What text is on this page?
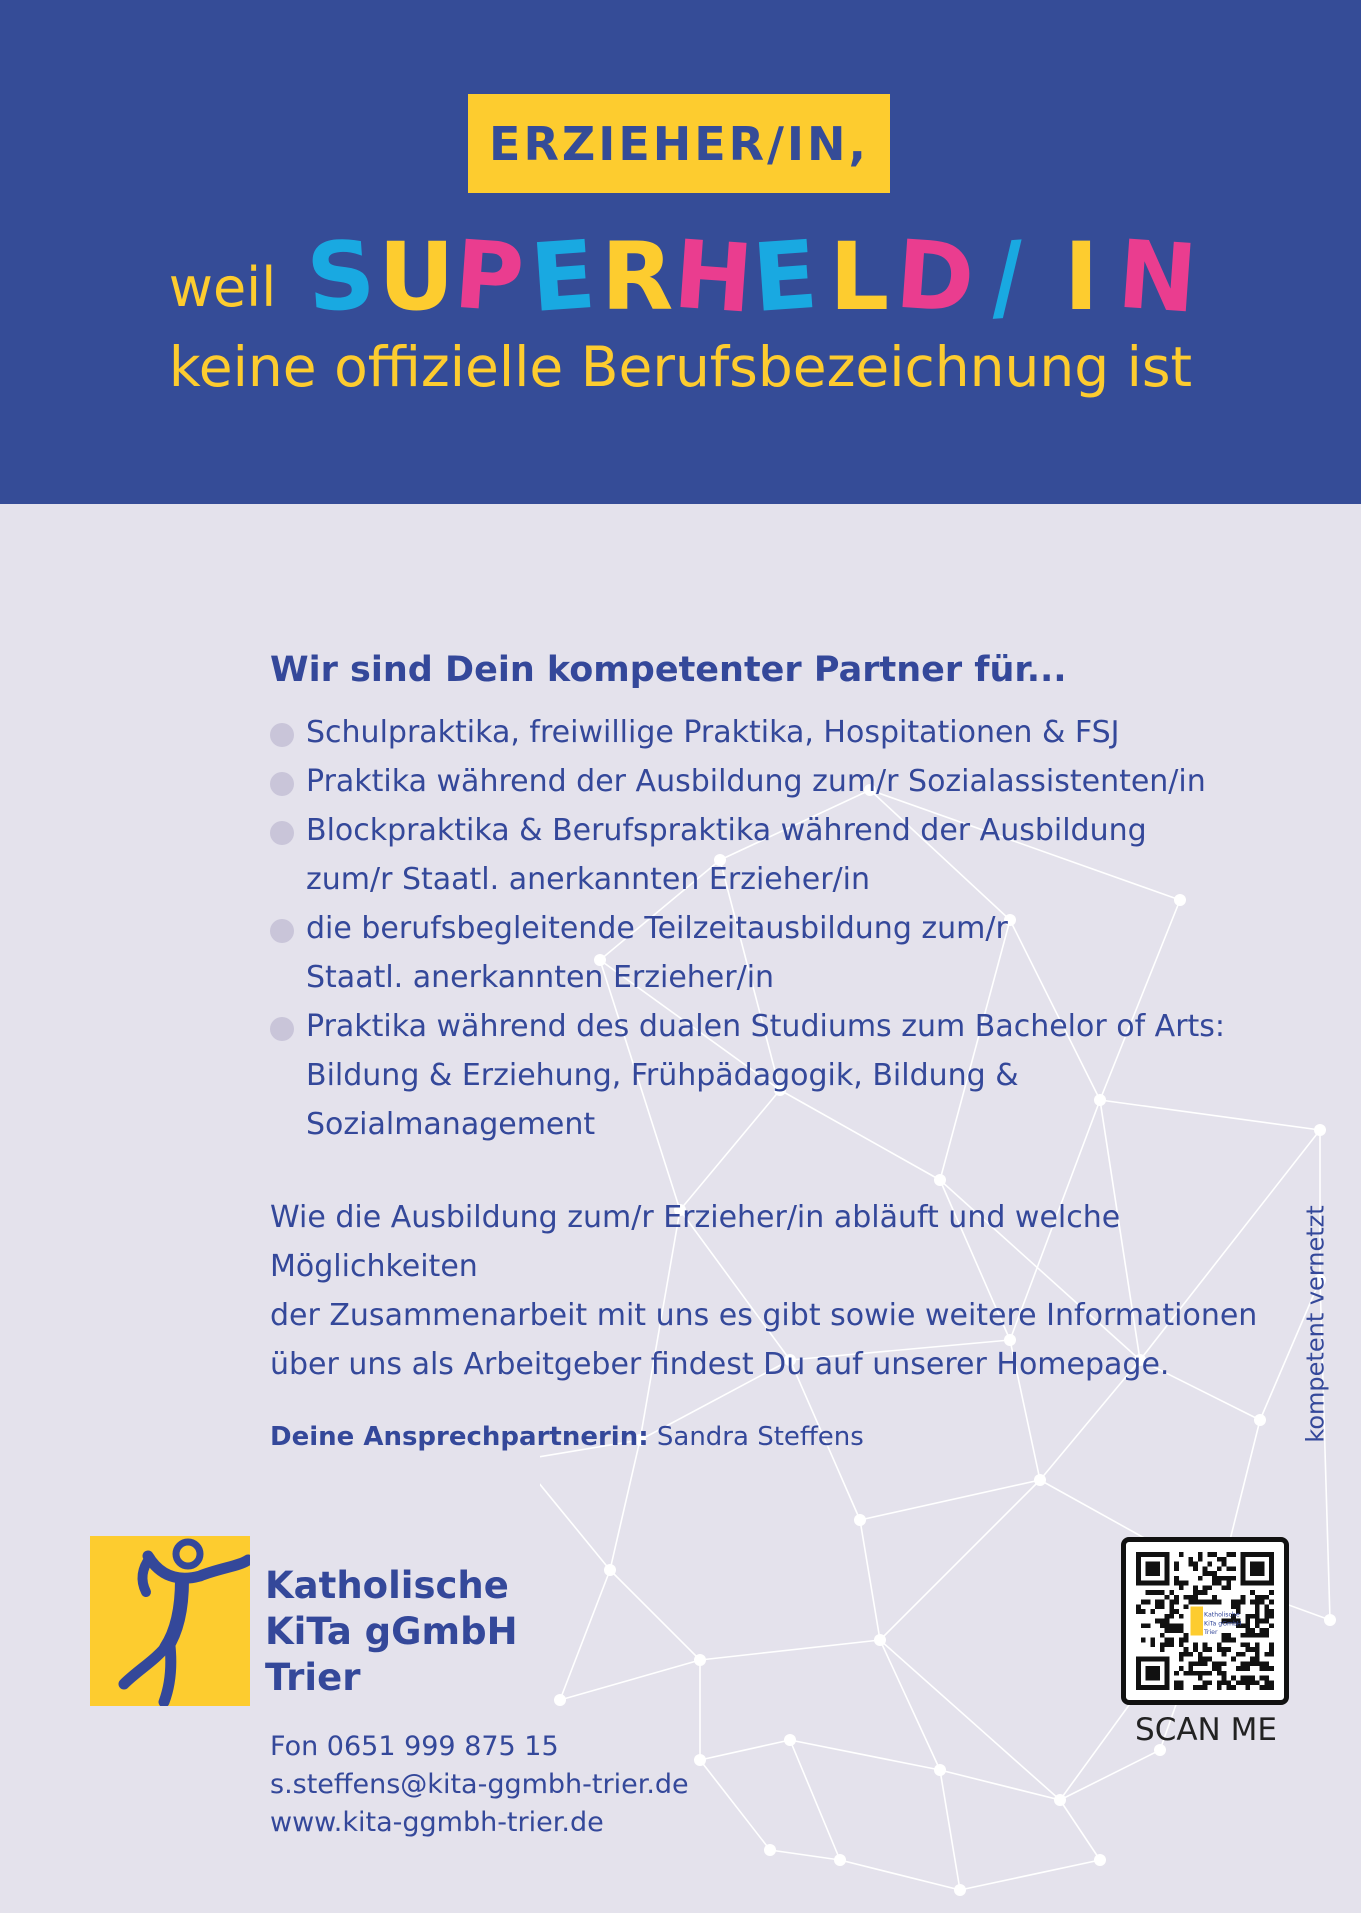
ERZIEHER/IN,
weil S U
P E R
H
E L D / I N
keine offizielle Berufsbezeichnung ist
Wir sind Dein kompetenter Partner für...
Schulpraktika, freiwillige Praktika, Hospitationen & FSJ
Praktika während der Ausbildung zum/r Sozialassistenten/in
Blockpraktika & Berufspraktika während der Ausbildung
zum/r Staatl. anerkannten Erzieher/in
die berufsbegleitende Teilzeitausbildung zum/r
Staatl. anerkannten Erzieher/in
Praktika während des dualen Studiums zum Bachelor of Arts:
Bildung & Erziehung, Frühpädagogik, Bildung & Sozialmanagement
Wie die Ausbildung zum/r Erzieher/in abläuft und welche Möglichkeiten
der Zusammenarbeit mit uns es gibt sowie weitere Informationen
über uns als Arbeitgeber findest Du auf unserer Homepage.
Deine Ansprechpartnerin: Sandra Steffens	kompetent vernetzt
Katholische
KiTa gGmbH
Trier
Fon 0651 999 875 15
s.steffens@kita-ggmbh-trier.de
www.kita-ggmbh-trier.de
Katholische
KiTa gGmbH
Trier
SCAN ME
